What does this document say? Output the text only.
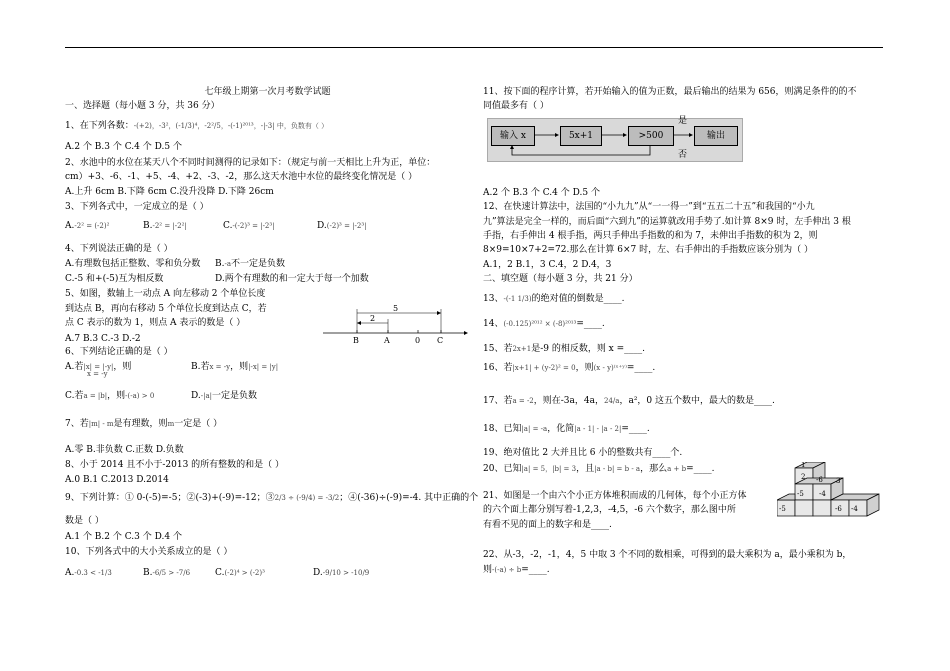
七年级上期第一次月考数学试题
一、选择题（每小题 3 分，共 36 分）
1、在下列各数：-(+2)，-3²，(-1/3)⁴，-2²/5，-(-1)²⁰¹³，-|-3| 中，负数有（ ）
A.2 个 B.3 个 C.4 个 D.5 个
2、水池中的水位在某天八个不同时间测得的记录如下：（规定与前一天相比上升为正，单位：
cm）+3、-6、-1、+5、-4、+2、-3、-2，那么这天水池中水位的最终变化情况是（ ）
A.上升 6cm B.下降 6cm C.没升没降 D.下降 26cm
3、下列各式中，一定成立的是（ ）
A.-2² = (-2)²	B.-2² = |-2²|	C.-(-2)³ = |-2³|	D.(-2)³ = |-2³|
4、下列说法正确的是（ ）
A.有理数包括正整数、零和负分数 B.-a不一定是负数
C.-5 和+(-5)互为相反数	D.两个有理数的和一定大于每一个加数
5、如图，数轴上一动点 A 向左移动 2 个单位长度
到达点 B，再向右移动 5 个单位长度到达点 C，若
点 C 表示的数为 1，则点 A 表示的数是（ ）
A.7 B.3 C.-3 D.-2
5
2
B	A	0 C
6、下列结论正确的是（ ）
A.若|x| = |-y|，则
x = -y
B.若x = -y，则|-x| = |y|
C.若a = |b|，则-(-a) > 0	D.-|a|一定是负数
7、若|m| - m是有理数，则m一定是（ ）
A.零 B.非负数 C.正数 D.负数
8、小于 2014 且不小于-2013 的所有整数的和是（ ）
A.0 B.1 C.2013 D.2014
9、下列计算：① 0-(-5)=-5；②(-3)+(-9)=-12；③2/3 ÷ (-9/4) = -3/2；④(-36)÷(-9)=-4. 其中正确的个
数是（ ）
A.1 个 B.2 个 C.3 个 D.4 个
10、下列各式中的大小关系成立的是（ ）
A.-0.3 < -1/3	B.-6/5 > -7/6	C.(-2)⁴ > (-2)³	D.-9/10 > -10/9
11、按下面的程序计算，若开始输入的值为正数，最后输出的结果为 656，则满足条件的的不
同值最多有（ ）
输入 x	5x+1	>500	输出
是
否
A.2 个 B.3 个 C.4 个 D.5 个
12、在快速计算法中，法国的“小九九”从“一一得一”到“五五二十五”和我国的“小九
九”算法是完全一样的，而后面“六到九”的运算就改用手势了.如计算 8×9 时，左手伸出 3 根
手指，右手伸出 4 根手指，两只手伸出手指数的和为 7，未伸出手指数的积为 2，则
8×9=10×7+2=72.那么在计算 6×7 时，左、右手伸出的手指数应该分别为（ ）
A.1，2 B.1，3 C.4，2 D.4，3
二、填空题（每小题 3 分，共 21 分）
13、-(-1 1/3)的绝对值的倒数是____.
14、(-0.125)²⁰¹² × (-8)²⁰¹³=____.
15、若2x+1是-9 的相反数，则 x =____.
16、若|x+1| + (y-2)² = 0，则(x - y)⁽ˣ⁺ʸ⁾=____.
17、若a = -2，则在-3a，4a，24/a，a²，0 这五个数中，最大的数是____.
18、已知|a| = -a，化简|a - 1| - |a - 2|=____.
19、绝对值比 2 大并且比 6 小的整数共有____个.
20、已知|a| = 5，|b| = 3，且|a - b| = b - a，那么a + b=____.
21、如图是一个由六个小正方体堆积而成的几何体，每个小正方体
的六个面上都分别写着-1,2,3，-4,5，-6 六个数字，那么图中所
有看不见的面上的数字和是____.
1
2 -6 3
-5 -4
-5	-6 -4
22、从-3，-2，-1，4，5 中取 3 个不同的数相乘，可得到的最大乘积为 a，最小乘积为 b，
则-(-a) ÷ b=____.
